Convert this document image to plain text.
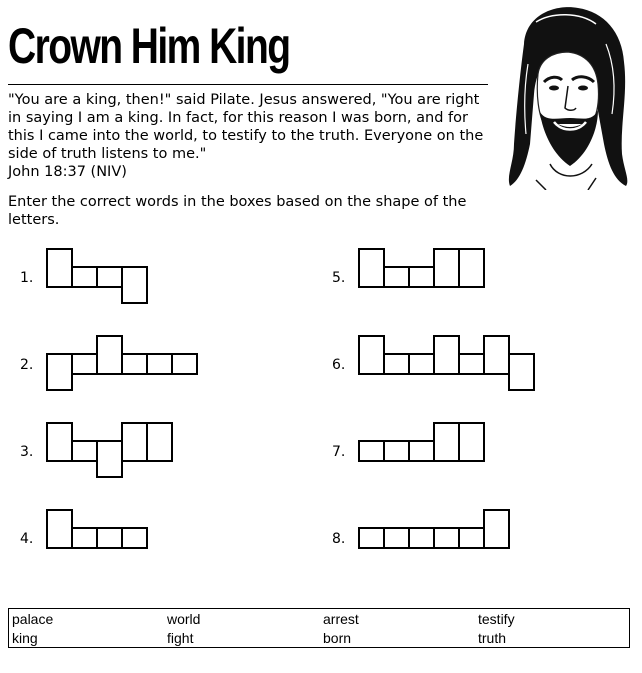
Crown Him King

"You are a king, then!" said Pilate. Jesus answered, "You are right in saying I am a king. In fact, for this reason I was born, and for this I came into the world, to testify to the truth. Everyone on the side of truth listens to me."
John 18:37 (NIV)

Enter the correct words in the boxes based on the shape of the letters.

1.
2.
3.
4.
5.
6.
7.
8.
palace	world	arrest	testify
king	fight	born	truth
